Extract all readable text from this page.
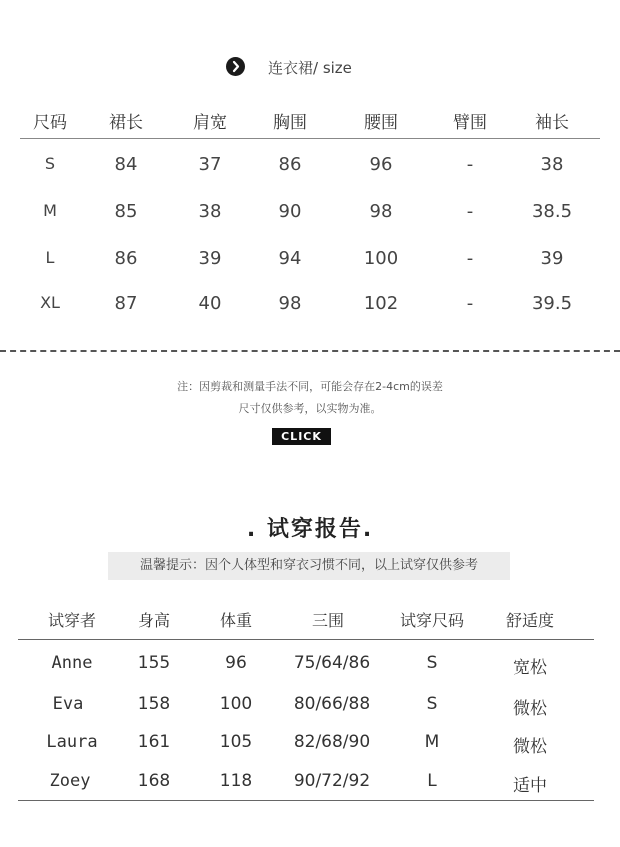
连衣裙/ size
尺码 裙长	肩宽	胸围	腰围	臂围	袖长
S	84	37	86	96	-	38
M	85	38	90	98	-	38.5
L	86	39	94	100	-	39
XL	87	40	98	102	-	39.5
注：因剪裁和测量手法不同，可能会存在2-4cm的误差
尺寸仅供参考，以实物为准。
CLICK
. 试穿报告.
温馨提示：因个人体型和穿衣习惯不同，以上试穿仅供参考
试穿者	身高	体重	三围	试穿尺码	舒适度
Anne	155	96	75/64/86	S	宽松
Eva	158	100 80/66/88	S	微松
Laura 161	105 82/68/90	M	微松
Zoey	168	118 90/72/92	L	适中
